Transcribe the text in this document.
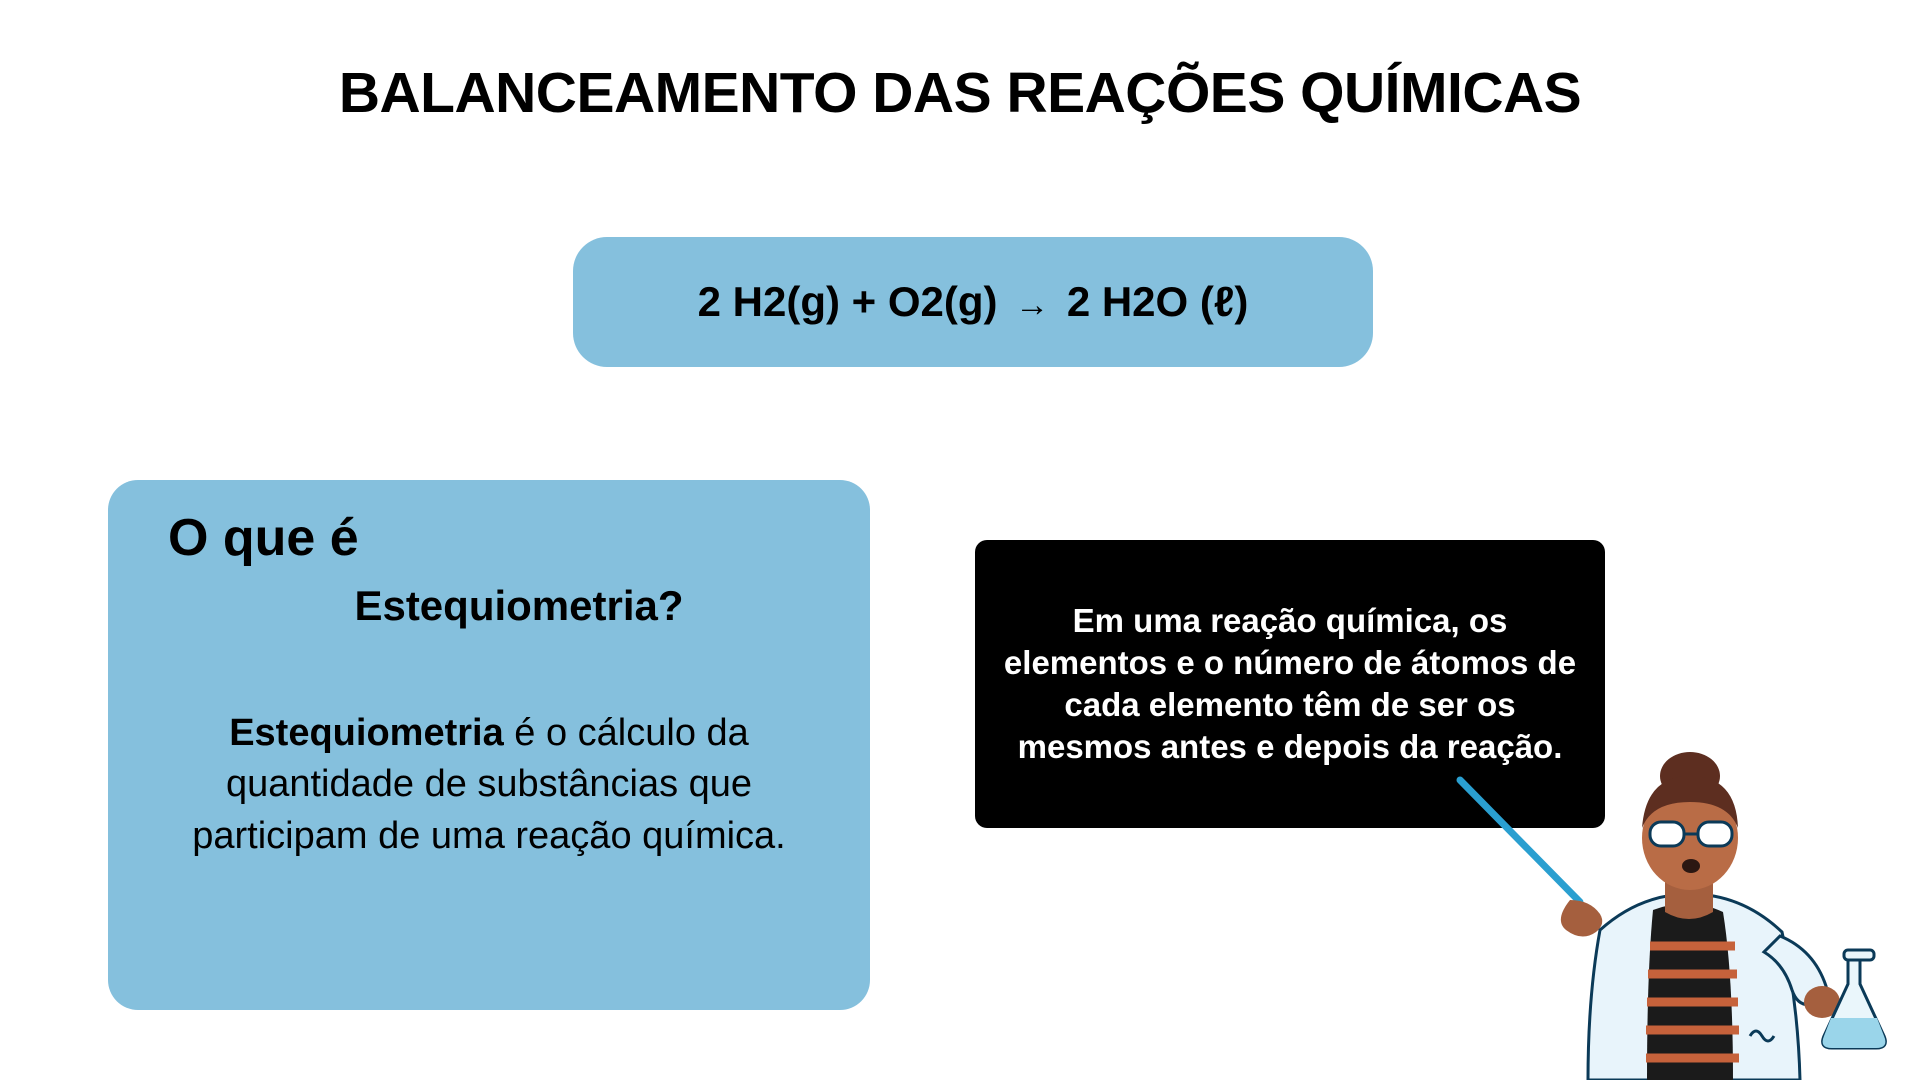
BALANCEAMENTO DAS REAÇÕES QUÍMICAS
2 H2(g) + O2(g) → 2 H2O (ℓ)
O que é
Estequiometria?
Estequiometria é o cálculo da quantidade de substâncias que participam de uma reação química.
Em uma reação química, os elementos e o número de átomos de cada elemento têm de ser os mesmos antes e depois da reação.
